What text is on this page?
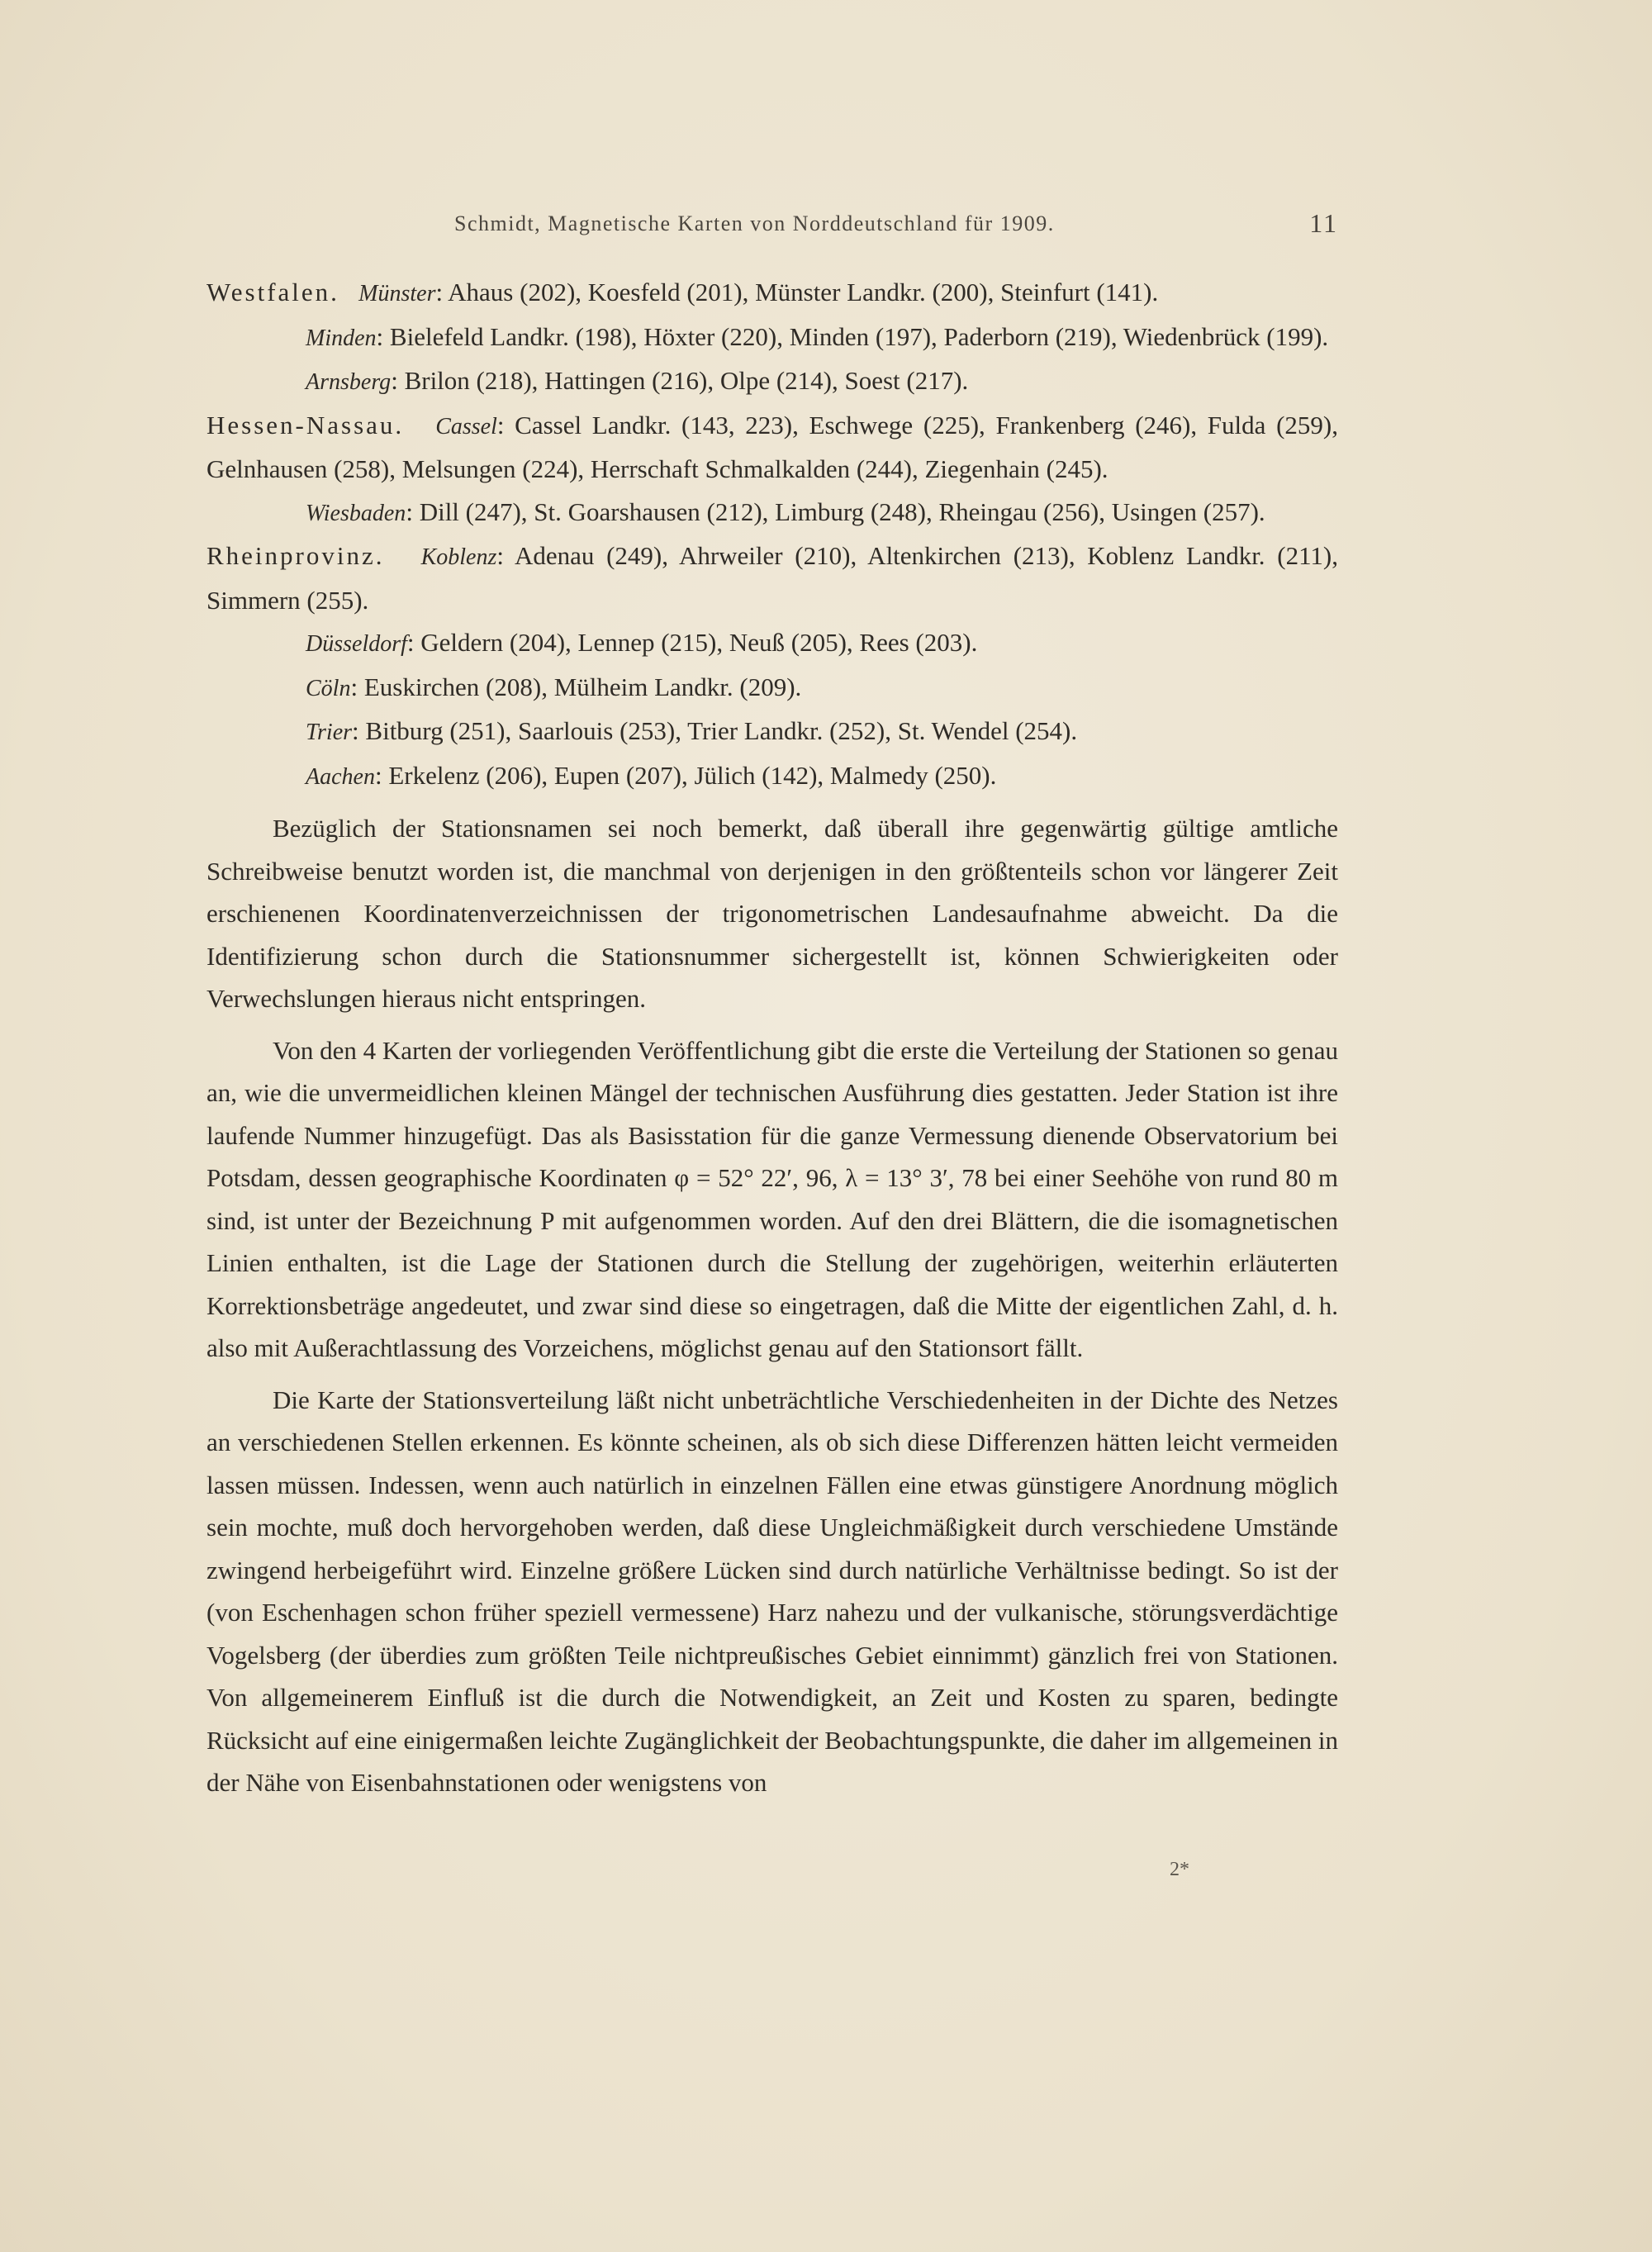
Schmidt, Magnetische Karten von Norddeutschland für 1909.	11

Westfalen. Münster: Ahaus (202), Koesfeld (201), Münster Landkr. (200), Steinfurt (141).

Minden: Bielefeld Landkr. (198), Höxter (220), Minden (197), Paderborn (219), Wiedenbrück (199).

Arnsberg: Brilon (218), Hattingen (216), Olpe (214), Soest (217).

Hessen-Nassau. Cassel: Cassel Landkr. (143, 223), Eschwege (225), Frankenberg (246), Fulda (259), Gelnhausen (258), Melsungen (224), Herrschaft Schmalkalden (244), Ziegenhain (245).

Wiesbaden: Dill (247), St. Goarshausen (212), Limburg (248), Rheingau (256), Usingen (257).

Rheinprovinz. Koblenz: Adenau (249), Ahrweiler (210), Altenkirchen (213), Koblenz Landkr. (211), Simmern (255).

Düsseldorf: Geldern (204), Lennep (215), Neuß (205), Rees (203).

Cöln: Euskirchen (208), Mülheim Landkr. (209).

Trier: Bitburg (251), Saarlouis (253), Trier Landkr. (252), St. Wendel (254).

Aachen: Erkelenz (206), Eupen (207), Jülich (142), Malmedy (250).

Bezüglich der Stationsnamen sei noch bemerkt, daß überall ihre gegenwärtig gültige amtliche Schreibweise benutzt worden ist, die manchmal von derjenigen in den größtenteils schon vor längerer Zeit erschienenen Koordinatenverzeichnissen der trigonometrischen Landesaufnahme abweicht. Da die Identifizierung schon durch die Stationsnummer sichergestellt ist, können Schwierigkeiten oder Verwechslungen hieraus nicht entspringen.

Von den 4 Karten der vorliegenden Veröffentlichung gibt die erste die Verteilung der Stationen so genau an, wie die unvermeidlichen kleinen Mängel der technischen Ausführung dies gestatten. Jeder Station ist ihre laufende Nummer hinzugefügt. Das als Basisstation für die ganze Vermessung dienende Observatorium bei Potsdam, dessen geographische Koordinaten φ = 52° 22′, 96, λ = 13° 3′, 78 bei einer Seehöhe von rund 80 m sind, ist unter der Bezeichnung P mit aufgenommen worden. Auf den drei Blättern, die die isomagnetischen Linien enthalten, ist die Lage der Stationen durch die Stellung der zugehörigen, weiterhin erläuterten Korrektionsbeträge angedeutet, und zwar sind diese so eingetragen, daß die Mitte der eigentlichen Zahl, d. h. also mit Außerachtlassung des Vorzeichens, möglichst genau auf den Stationsort fällt.

Die Karte der Stationsverteilung läßt nicht unbeträchtliche Verschiedenheiten in der Dichte des Netzes an verschiedenen Stellen erkennen. Es könnte scheinen, als ob sich diese Differenzen hätten leicht vermeiden lassen müssen. Indessen, wenn auch natürlich in einzelnen Fällen eine etwas günstigere Anordnung möglich sein mochte, muß doch hervorgehoben werden, daß diese Ungleichmäßigkeit durch verschiedene Umstände zwingend herbeigeführt wird. Einzelne größere Lücken sind durch natürliche Verhältnisse bedingt. So ist der (von Eschenhagen schon früher speziell vermessene) Harz nahezu und der vulkanische, störungsverdächtige Vogelsberg (der überdies zum größten Teile nichtpreußisches Gebiet einnimmt) gänzlich frei von Stationen. Von allgemeinerem Einfluß ist die durch die Notwendigkeit, an Zeit und Kosten zu sparen, bedingte Rücksicht auf eine einigermaßen leichte Zugänglichkeit der Beobachtungspunkte, die daher im allgemeinen in der Nähe von Eisenbahnstationen oder wenigstens von

2*
